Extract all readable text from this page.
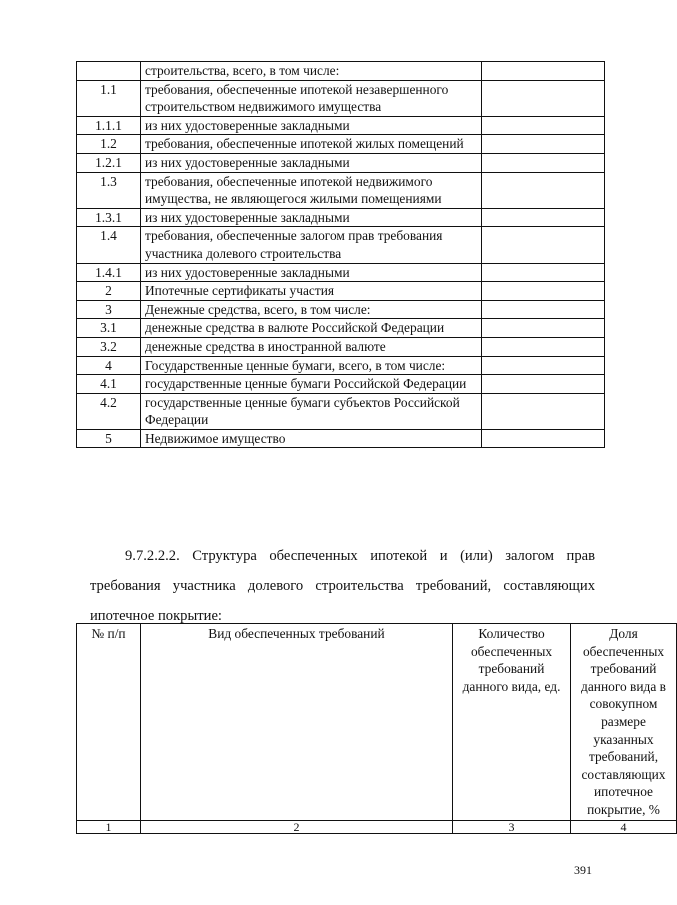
	строительства, всего, в том числе:	
1.1	требования, обеспеченные ипотекой незавершенного строительством недвижимого имущества	
1.1.1	из них удостоверенные закладными	
1.2	требования, обеспеченные ипотекой жилых помещений	
1.2.1	из них удостоверенные закладными	
1.3	требования, обеспеченные ипотекой недвижимого имущества, не являющегося жилыми помещениями	
1.3.1	из них удостоверенные закладными	
1.4	требования, обеспеченные залогом прав требования участника долевого строительства	
1.4.1	из них удостоверенные закладными	
2	Ипотечные сертификаты участия	
3	Денежные средства, всего, в том числе:	
3.1	денежные средства в валюте Российской Федерации	
3.2	денежные средства в иностранной валюте	
4	Государственные ценные бумаги, всего, в том числе:	
4.1	государственные ценные бумаги Российской Федерации	
4.2	государственные ценные бумаги субъектов Российской Федерации	
5	Недвижимое имущество	
9.7.2.2.2. Структура обеспеченных ипотекой и (или) залогом прав
требования участника долевого строительства требований, составляющих
ипотечное покрытие:
№ п/п	Вид обеспеченных требований	Количество обеспеченных требований данного вида, ед.	Доля обеспеченных требований данного вида в совокупном размере указанных требований, составляющих ипотечное покрытие, %
1	2	3	4
391
